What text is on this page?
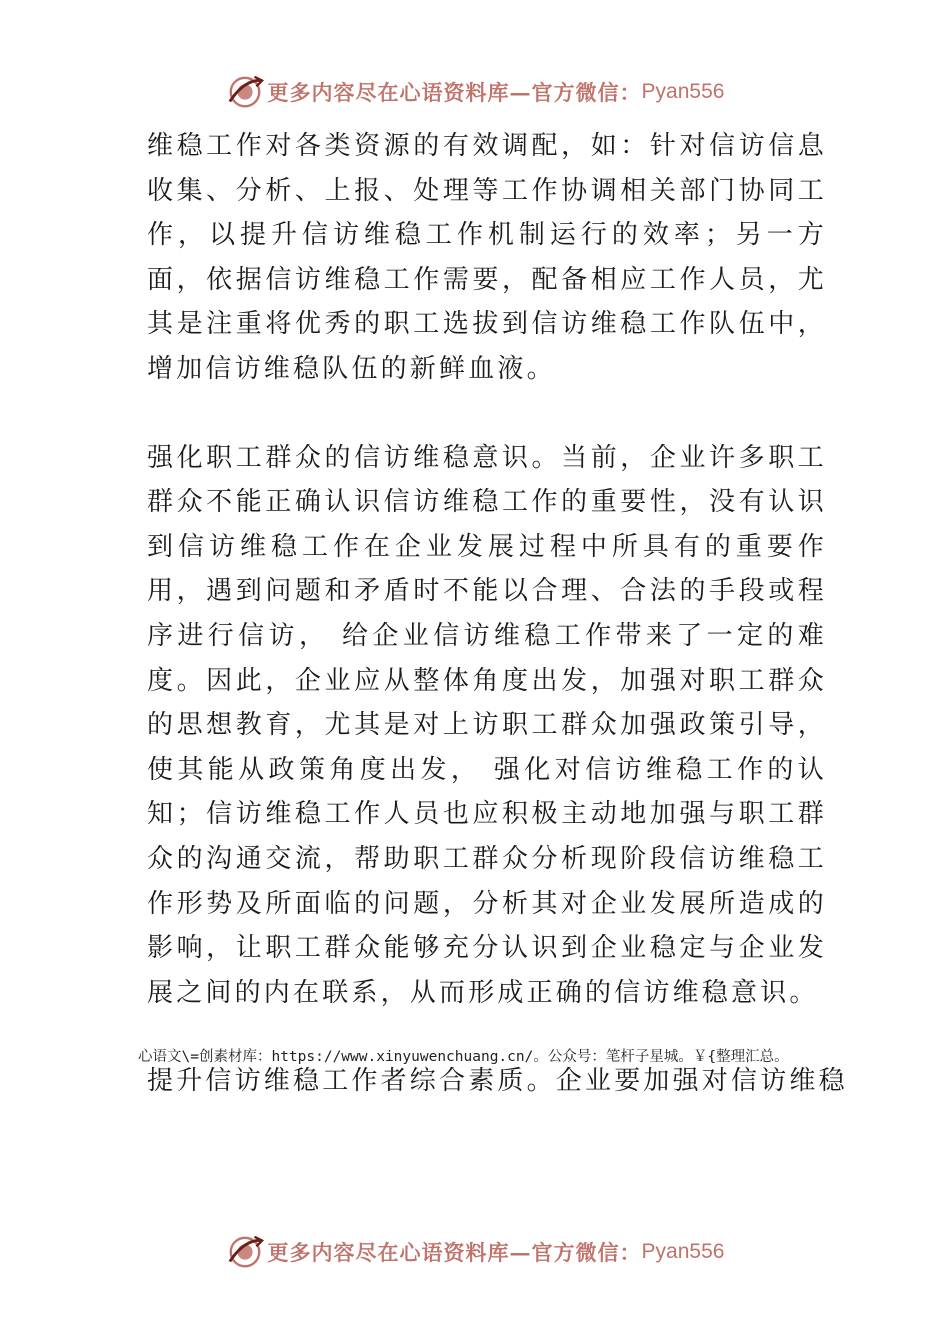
更多内容尽在心语资料库—官方微信： Pyan556

维稳工作对各类资源的有效调配，如：针对信访信息收集、分析、上报、处理等工作协调相关部门协同工作，以提升信访维稳工作机制运行的效率；另一方面，依据信访维稳工作需要，配备相应工作人员，尤其是注重将优秀的职工选拔到信访维稳工作队伍中，增加信访维稳队伍的新鲜血液。

强化职工群众的信访维稳意识。当前，企业许多职工群众不能正确认识信访维稳工作的重要性，没有认识到信访维稳工作在企业发展过程中所具有的重要作用，遇到问题和矛盾时不能以合理、合法的手段或程序进行信访， 给企业信访维稳工作带来了一定的难度。因此，企业应从整体角度出发，加强对职工群众的思想教育，尤其是对上访职工群众加强政策引导，使其能从政策角度出发， 强化对信访维稳工作的认知；信访维稳工作人员也应积极主动地加强与职工群众的沟通交流，帮助职工群众分析现阶段信访维稳工作形势及所面临的问题，分析其对企业发展所造成的影响，让职工群众能够充分认识到企业稳定与企业发展之间的内在联系，从而形成正确的信访维稳意识。

提升信访维稳工作者综合素质。企业要加强对信访维稳

心语文\=创素材库：https://www.xinyuwenchuang.cn/。公众号：笔杆子星城。￥{整理汇总。
更多内容尽在心语资料库—官方微信： Pyan556
